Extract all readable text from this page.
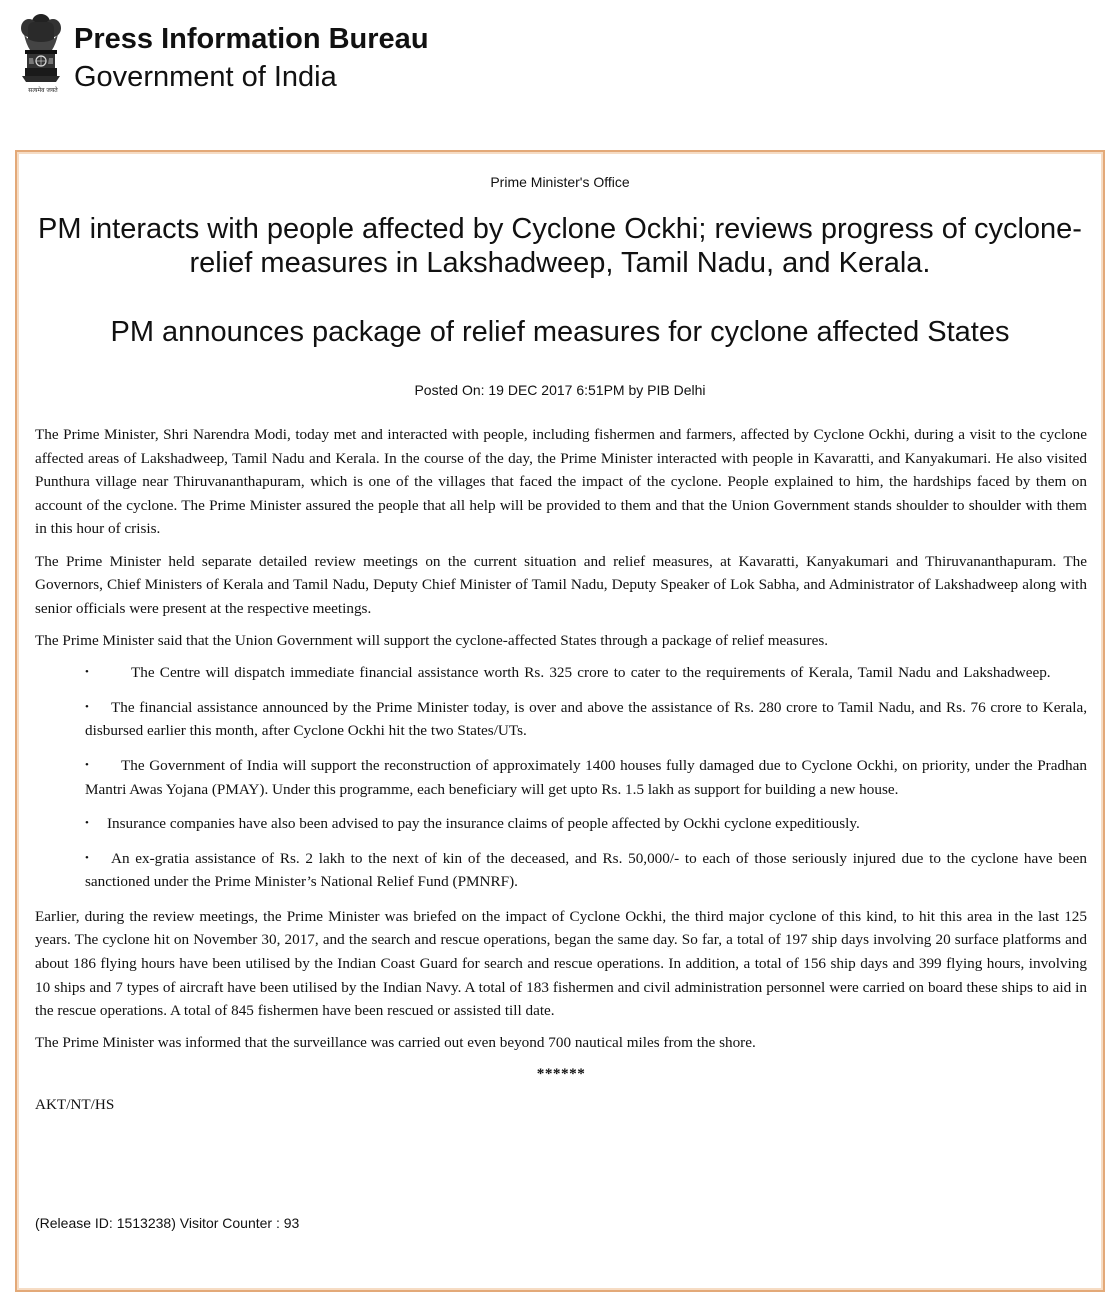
सत्यमेव जयते
Press Information Bureau
Government of India
Prime Minister's Office
PM interacts with people affected by Cyclone Ockhi; reviews progress of cyclone-relief measures in Lakshadweep, Tamil Nadu, and Kerala.
PM announces package of relief measures for cyclone affected States
Posted On: 19 DEC 2017 6:51PM by PIB Delhi

The Prime Minister, Shri Narendra Modi, today met and interacted with people, including fishermen and farmers, affected by Cyclone Ockhi, during a visit to the cyclone affected areas of Lakshadweep, Tamil Nadu and Kerala. In the course of the day, the Prime Minister interacted with people in Kavaratti, and Kanyakumari. He also visited Punthura village near Thiruvananthapuram, which is one of the villages that faced the impact of the cyclone. People explained to him, the hardships faced by them on account of the cyclone. The Prime Minister assured the people that all help will be provided to them and that the Union Government stands shoulder to shoulder with them in this hour of crisis.

The Prime Minister held separate detailed review meetings on the current situation and relief measures, at Kavaratti, Kanyakumari and Thiruvananthapuram. The Governors, Chief Ministers of Kerala and Tamil Nadu, Deputy Chief Minister of Tamil Nadu, Deputy Speaker of Lok Sabha, and Administrator of Lakshadweep along with senior officials were present at the respective meetings.

The Prime Minister said that the Union Government will support the cyclone-affected States through a package of relief measures.

•	The Centre will dispatch immediate financial assistance worth Rs. 325 crore to cater to the requirements of Kerala, Tamil Nadu and Lakshadweep.
•	The financial assistance announced by the Prime Minister today, is over and above the assistance of Rs. 280 crore to Tamil Nadu, and Rs. 76 crore to Kerala, disbursed earlier this month, after Cyclone Ockhi hit the two States/UTs.
•	The Government of India will support the reconstruction of approximately 1400 houses fully damaged due to Cyclone Ockhi, on priority, under the Pradhan Mantri Awas Yojana (PMAY). Under this programme, each beneficiary will get upto Rs. 1.5 lakh as support for building a new house.
•	Insurance companies have also been advised to pay the insurance claims of people affected by Ockhi cyclone expeditiously.
•	An ex-gratia assistance of Rs. 2 lakh to the next of kin of the deceased, and Rs. 50,000/- to each of those seriously injured due to the cyclone have been sanctioned under the Prime Minister’s National Relief Fund (PMNRF).

Earlier, during the review meetings, the Prime Minister was briefed on the impact of Cyclone Ockhi, the third major cyclone of this kind, to hit this area in the last 125 years. The cyclone hit on November 30, 2017, and the search and rescue operations, began the same day. So far, a total of 197 ship days involving 20 surface platforms and about 186 flying hours have been utilised by the Indian Coast Guard for search and rescue operations. In addition, a total of 156 ship days and 399 flying hours, involving 10 ships and 7 types of aircraft have been utilised by the Indian Navy. A total of 183 fishermen and civil administration personnel were carried on board these ships to aid in the rescue operations. A total of 845 fishermen have been rescued or assisted till date.

The Prime Minister was informed that the surveillance was carried out even beyond 700 nautical miles from the shore.

******
AKT/NT/HS
(Release ID: 1513238) Visitor Counter : 93
